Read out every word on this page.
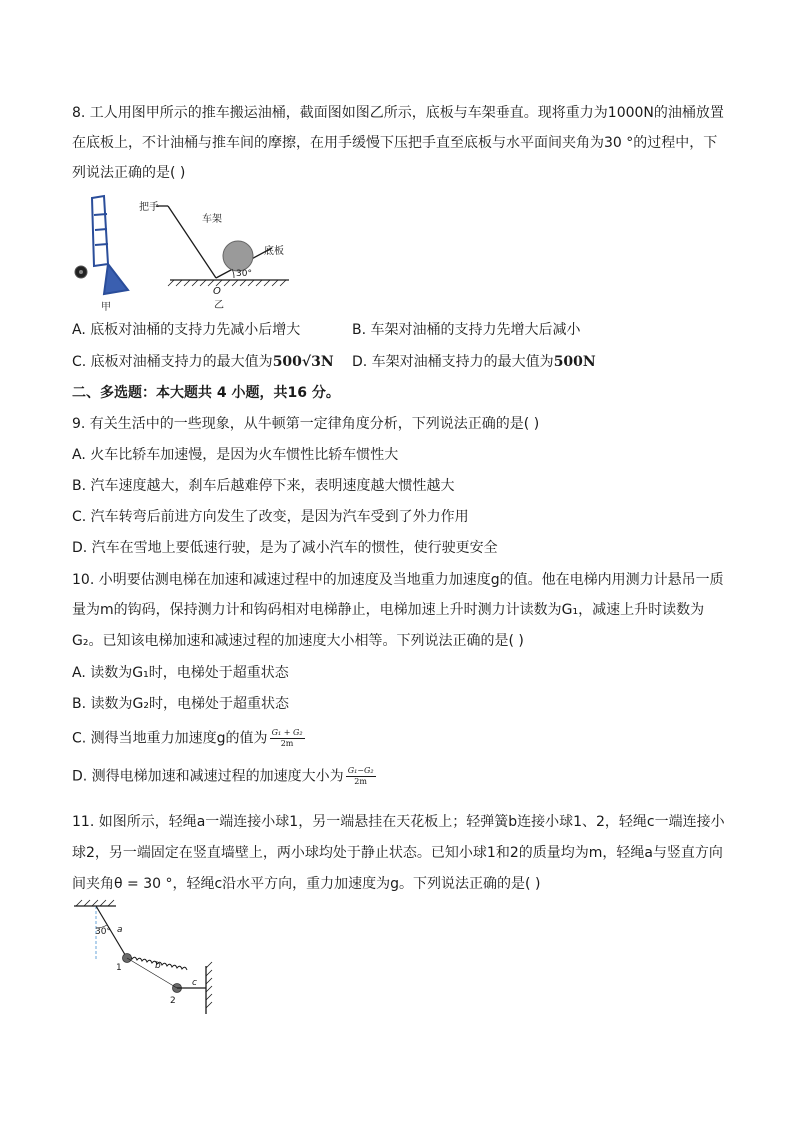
8. 工人用图甲所示的推车搬运油桶，截面图如图乙所示，底板与车架垂直。现将重力为1000N的油桶放置
在底板上，不计油桶与推车间的摩擦，在用手缓慢下压把手直至底板与水平面间夹角为30 °的过程中，下
列说法正确的是( )
甲
把手
车架
底板
30°
O
乙
A. 底板对油桶的支持力先减小后增大	B. 车架对油桶的支持力先增大后减小
C. 底板对油桶支持力的最大值为500√3N D. 车架对油桶支持力的最大值为500N
二、多选题：本大题共 4 小题，共16 分。
9. 有关生活中的一些现象，从牛顿第一定律角度分析，下列说法正确的是( )
A. 火车比轿车加速慢，是因为火车惯性比轿车惯性大
B. 汽车速度越大，刹车后越难停下来，表明速度越大惯性越大
C. 汽车转弯后前进方向发生了改变，是因为汽车受到了外力作用
D. 汽车在雪地上要低速行驶，是为了减小汽车的惯性，使行驶更安全
10. 小明要估测电梯在加速和减速过程中的加速度及当地重力加速度g的值。他在电梯内用测力计悬吊一质
量为m的钩码，保持测力计和钩码相对电梯静止，电梯加速上升时测力计读数为G₁，减速上升时读数为
G₂。已知该电梯加速和减速过程的加速度大小相等。下列说法正确的是( )
A. 读数为G₁时，电梯处于超重状态
B. 读数为G₂时，电梯处于超重状态
C. 测得当地重力加速度g的值为 $\frac{\text{G₁ + G₂}}{2m}$
D. 测得电梯加速和减速过程的加速度大小为 $\frac{\text{G₁−G₂}}{2m}$
11. 如图所示，轻绳a一端连接小球1，另一端悬挂在天花板上；轻弹簧b连接小球1、2，轻绳c一端连接小
球2，另一端固定在竖直墙壁上，两小球均处于静止状态。已知小球1和2的质量均为m，轻绳a与竖直方向
间夹角θ = 30 °，轻绳c沿水平方向，重力加速度为g。下列说法正确的是( )
30° a
1	b
2
c
